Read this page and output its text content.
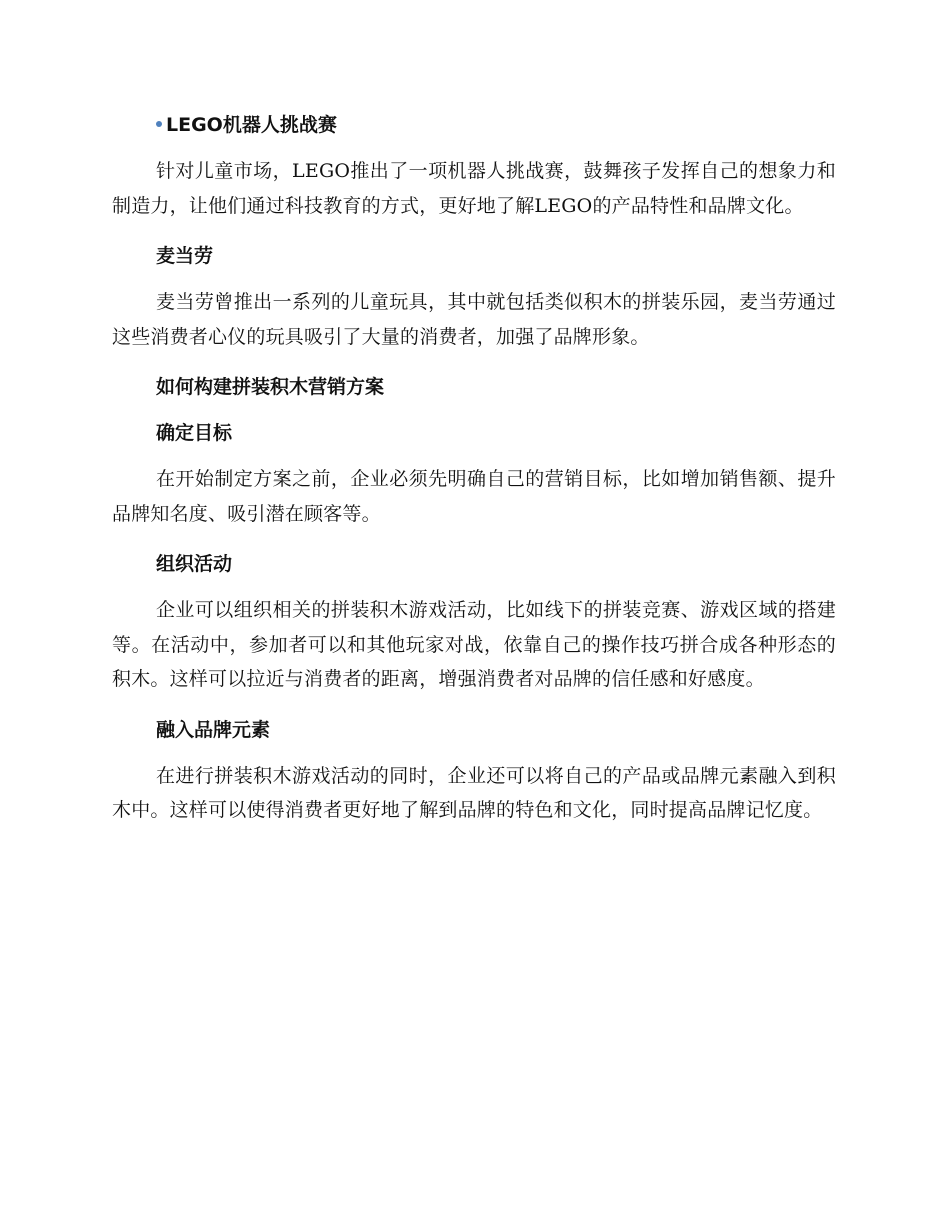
LEGO机器人挑战赛

针对儿童市场，LEGO推出了一项机器人挑战赛，鼓舞孩子发挥自己的想象力和制造力，让他们通过科技教育的方式，更好地了解LEGO的产品特性和品牌文化。

麦当劳

麦当劳曾推出一系列的儿童玩具，其中就包括类似积木的拼装乐园，麦当劳通过这些消费者心仪的玩具吸引了大量的消费者，加强了品牌形象。

如何构建拼装积木营销方案
确定目标

在开始制定方案之前，企业必须先明确自己的营销目标，比如增加销售额、提升品牌知名度、吸引潜在顾客等。

组织活动

企业可以组织相关的拼装积木游戏活动，比如线下的拼装竞赛、游戏区域的搭建等。在活动中，参加者可以和其他玩家对战，依靠自己的操作技巧拼合成各种形态的积木。这样可以拉近与消费者的距离，增强消费者对品牌的信任感和好感度。

融入品牌元素

在进行拼装积木游戏活动的同时，企业还可以将自己的产品或品牌元素融入到积木中。这样可以使得消费者更好地了解到品牌的特色和文化，同时提高品牌记忆度。
